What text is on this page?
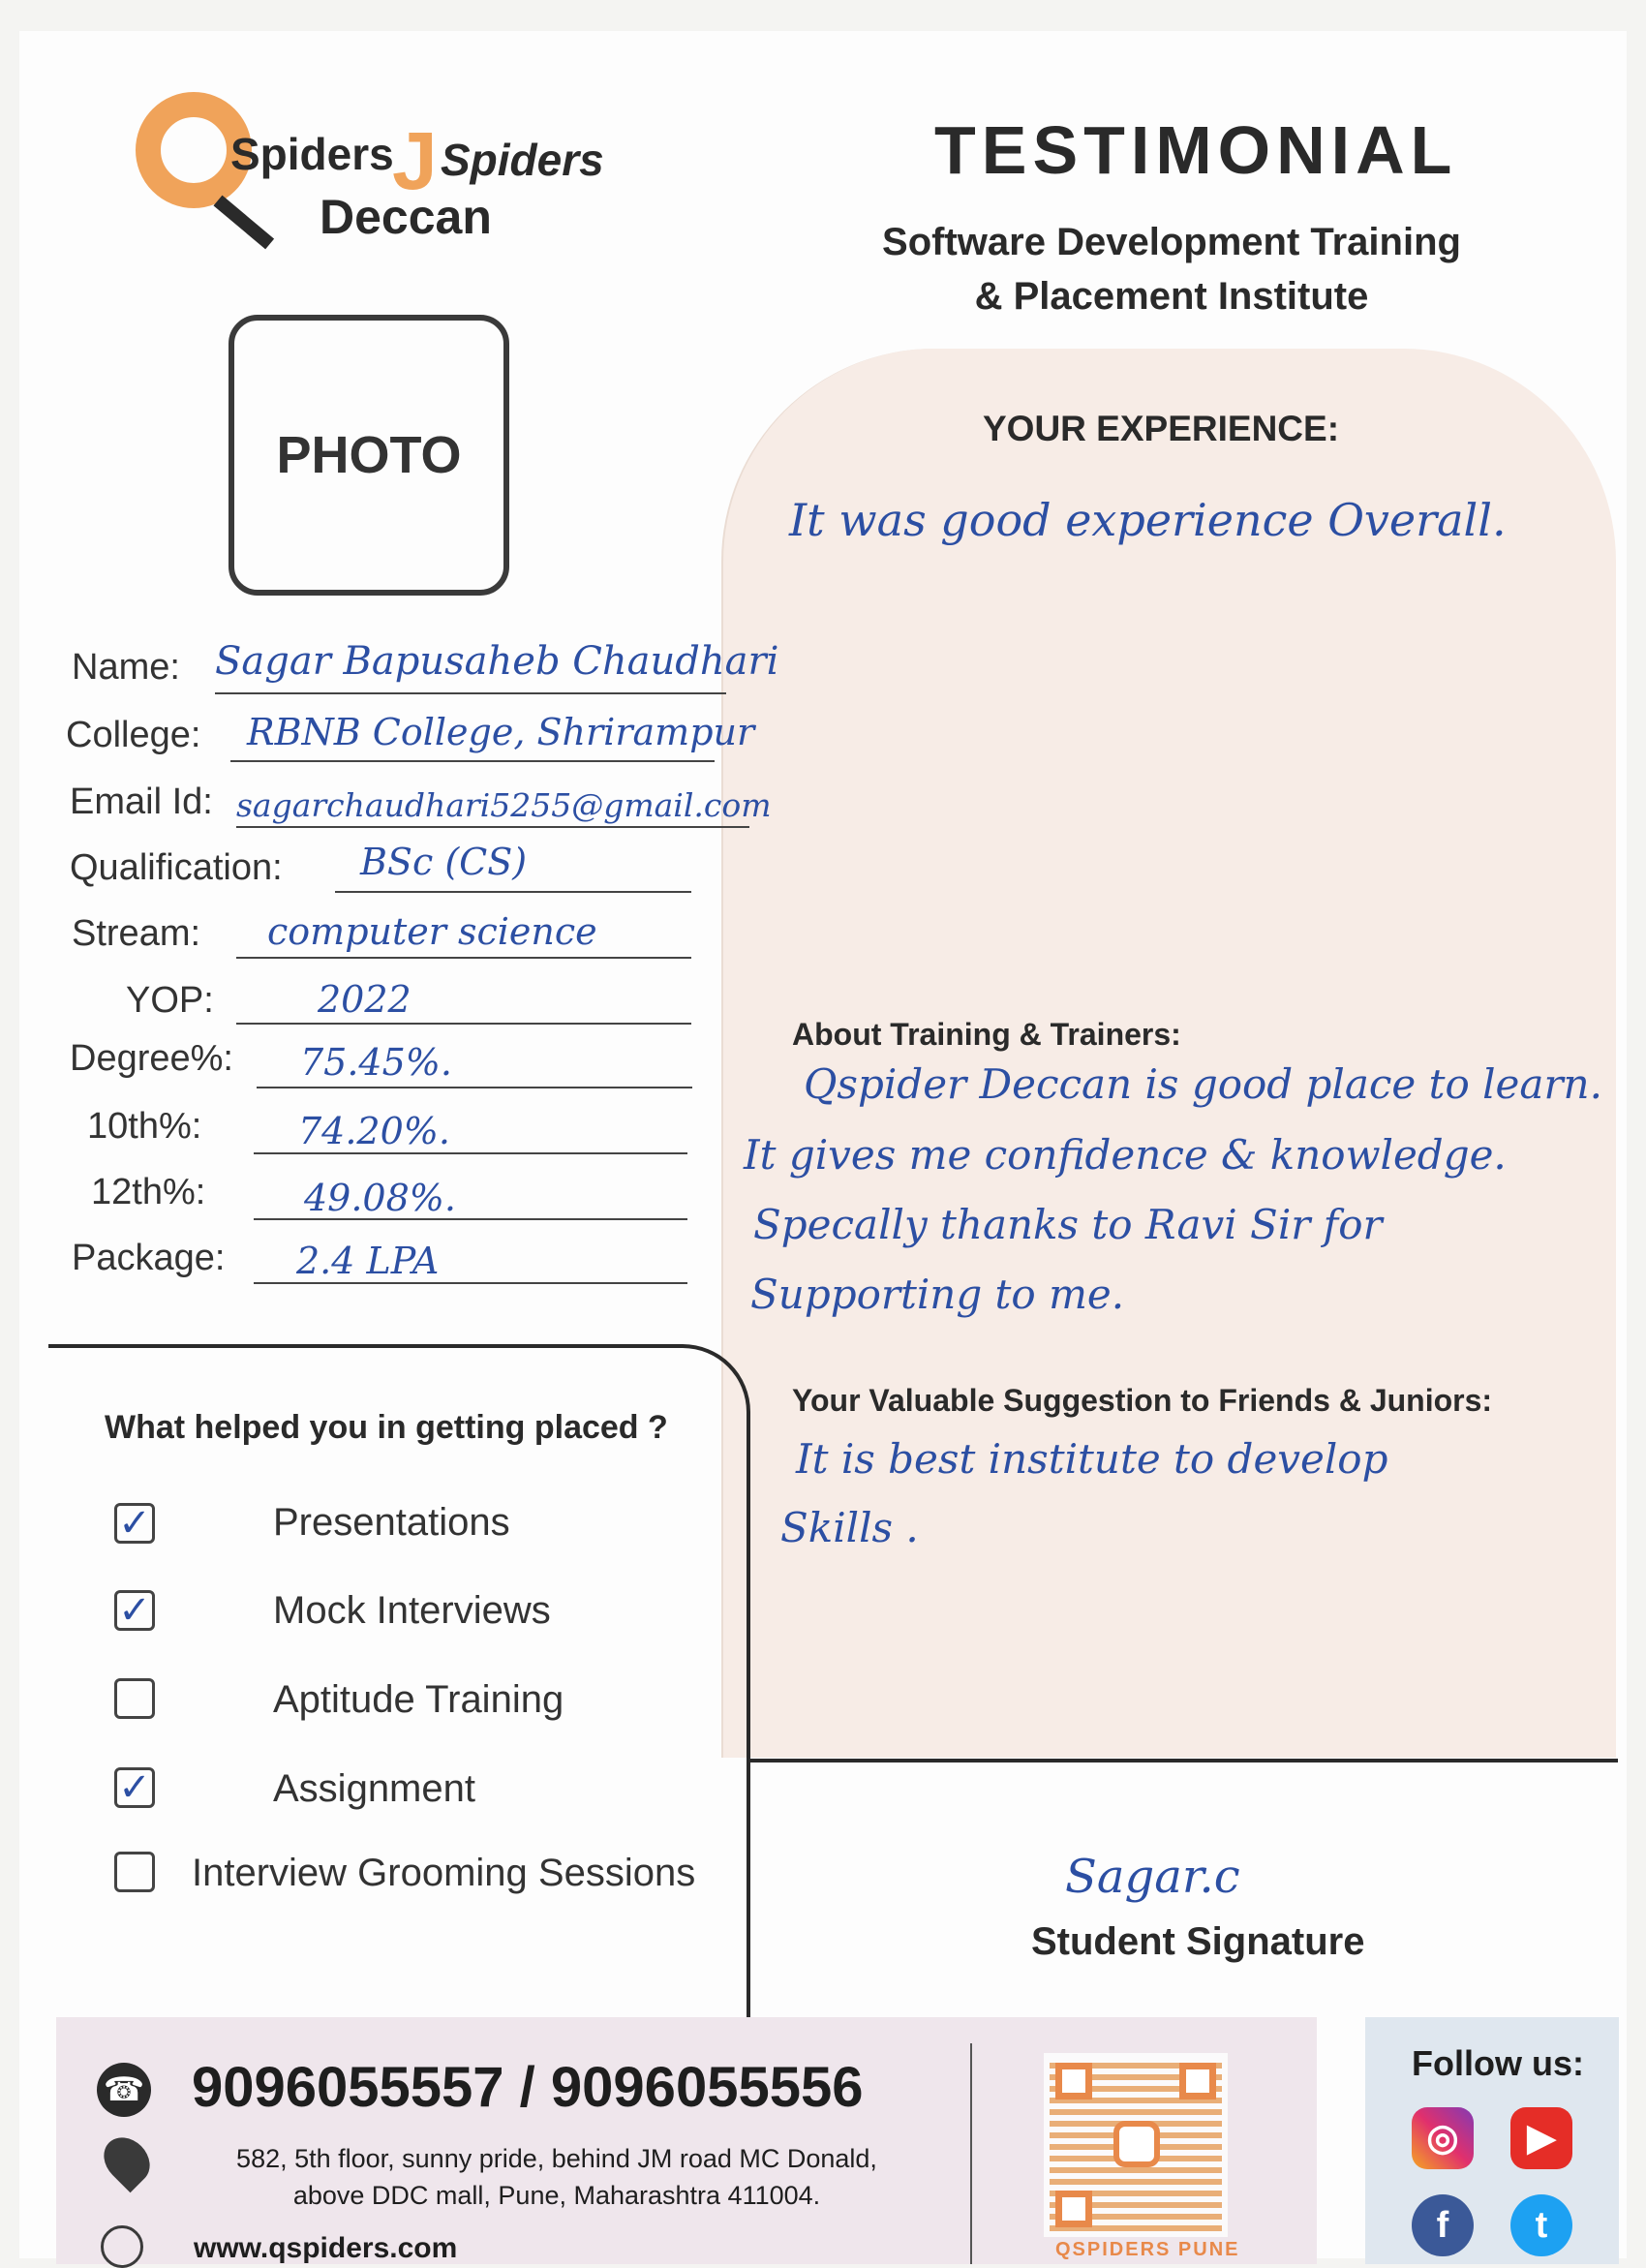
Spiders
J Spiders
Deccan
TESTIMONIAL
Software Development Training
& Placement Institute
PHOTO	YOUR EXPERIENCE:
It was good experience Overall.
About Training & Trainers:
Qspider Deccan is good place to learn.
It gives me confidence & knowledge.
Specally thanks to Ravi Sir for
Supporting to me.
Your Valuable Suggestion to Friends & Juniors:
It is best institute to develop
Skills .
Name: Sagar Bapusaheb Chaudhari
College: RBNB College, Shrirampur
Email Id: sagarchaudhari5255@gmail.com
Qualification: BSc (CS)
Stream: computer science
YOP:	2022
Degree%: 75.45%.
10th%:	74.20%.
12th%:	49.08%.
Package: 2.4 LPA
What helped you in getting placed ?
✓	Presentations
✓	Mock Interviews
Aptitude Training
✓	Assignment
Interview Grooming Sessions	Sagar.c
Student Signature
☎ 9096055557 / 9096055556
582, 5th floor, sunny pride, behind JM road MC Donald,
above DDC mall, Pune, Maharashtra 411004.
www.qspiders.com	QSPIDERS PUNE
Follow us:
◎	▶
f	t
